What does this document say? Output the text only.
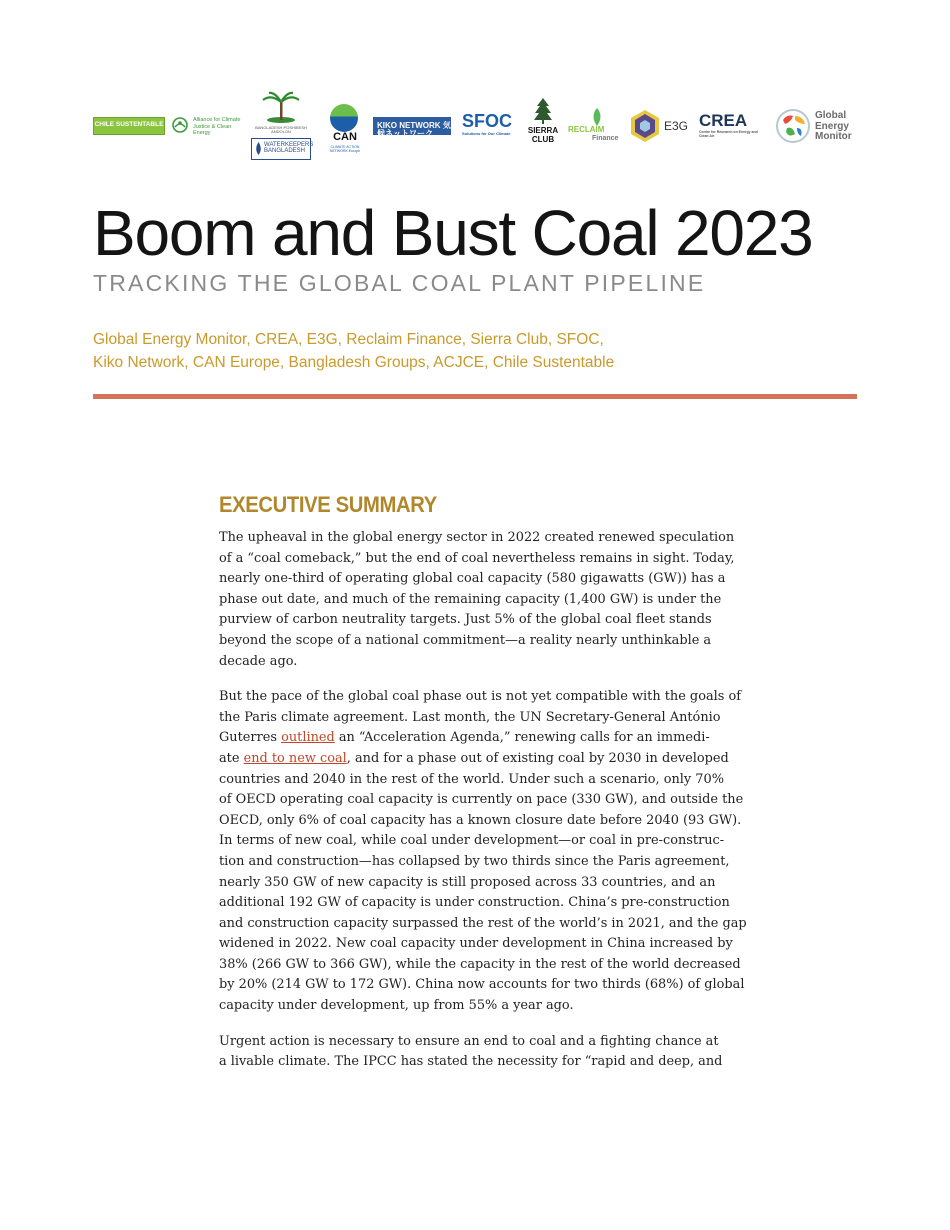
CHILE SUSTENTABLE
Alliance for Climate Justice & Clean Energy
BANGLADESH POSHIBESH ANDOLON
WATERKEEPERS BANGLADESH
CAN
CLIMATE ACTION NETWORK Europe
KIKO NETWORK 気候ネットワーク
SFOC
Solutions for Our Climate	SIERRA CLUB
RECLAIM
Finance
E3G CREA
Centre for Research on Energy and Clean Air
Global Energy Monitor
Boom and Bust Coal 2023
TRACKING THE GLOBAL COAL PLANT PIPELINE
Global Energy Monitor, CREA, E3G, Reclaim Finance, Sierra Club, SFOC,
Kiko Network, CAN Europe, Bangladesh Groups, ACJCE, Chile Sustentable
EXECUTIVE SUMMARY

The upheaval in the global energy sector in 2022 created renewed speculation
of a “coal comeback,” but the end of coal nevertheless remains in sight. Today,
nearly one-third of operating global coal capacity (580 gigawatts (GW)) has a
phase out date, and much of the remaining capacity (1,400 GW) is under the
purview of carbon neutrality targets. Just 5% of the global coal fleet stands
beyond the scope of a national commitment—a reality nearly unthinkable a
decade ago.

But the pace of the global coal phase out is not yet compatible with the goals of
the Paris climate agreement. Last month, the UN Secretary-General António
Guterres outlined an “Acceleration Agenda,” renewing calls for an immedi-
ate end to new coal, and for a phase out of existing coal by 2030 in developed
countries and 2040 in the rest of the world. Under such a scenario, only 70%
of OECD operating coal capacity is currently on pace (330 GW), and outside the
OECD, only 6% of coal capacity has a known closure date before 2040 (93 GW).
In terms of new coal, while coal under development—or coal in pre-construc-
tion and construction—has collapsed by two thirds since the Paris agreement,
nearly 350 GW of new capacity is still proposed across 33 countries, and an
additional 192 GW of capacity is under construction. China’s pre-construction
and construction capacity surpassed the rest of the world’s in 2021, and the gap
widened in 2022. New coal capacity under development in China increased by
38% (266 GW to 366 GW), while the capacity in the rest of the world decreased
by 20% (214 GW to 172 GW). China now accounts for two thirds (68%) of global
capacity under development, up from 55% a year ago.

Urgent action is necessary to ensure an end to coal and a fighting chance at
a livable climate. The IPCC has stated the necessity for “rapid and deep, and
